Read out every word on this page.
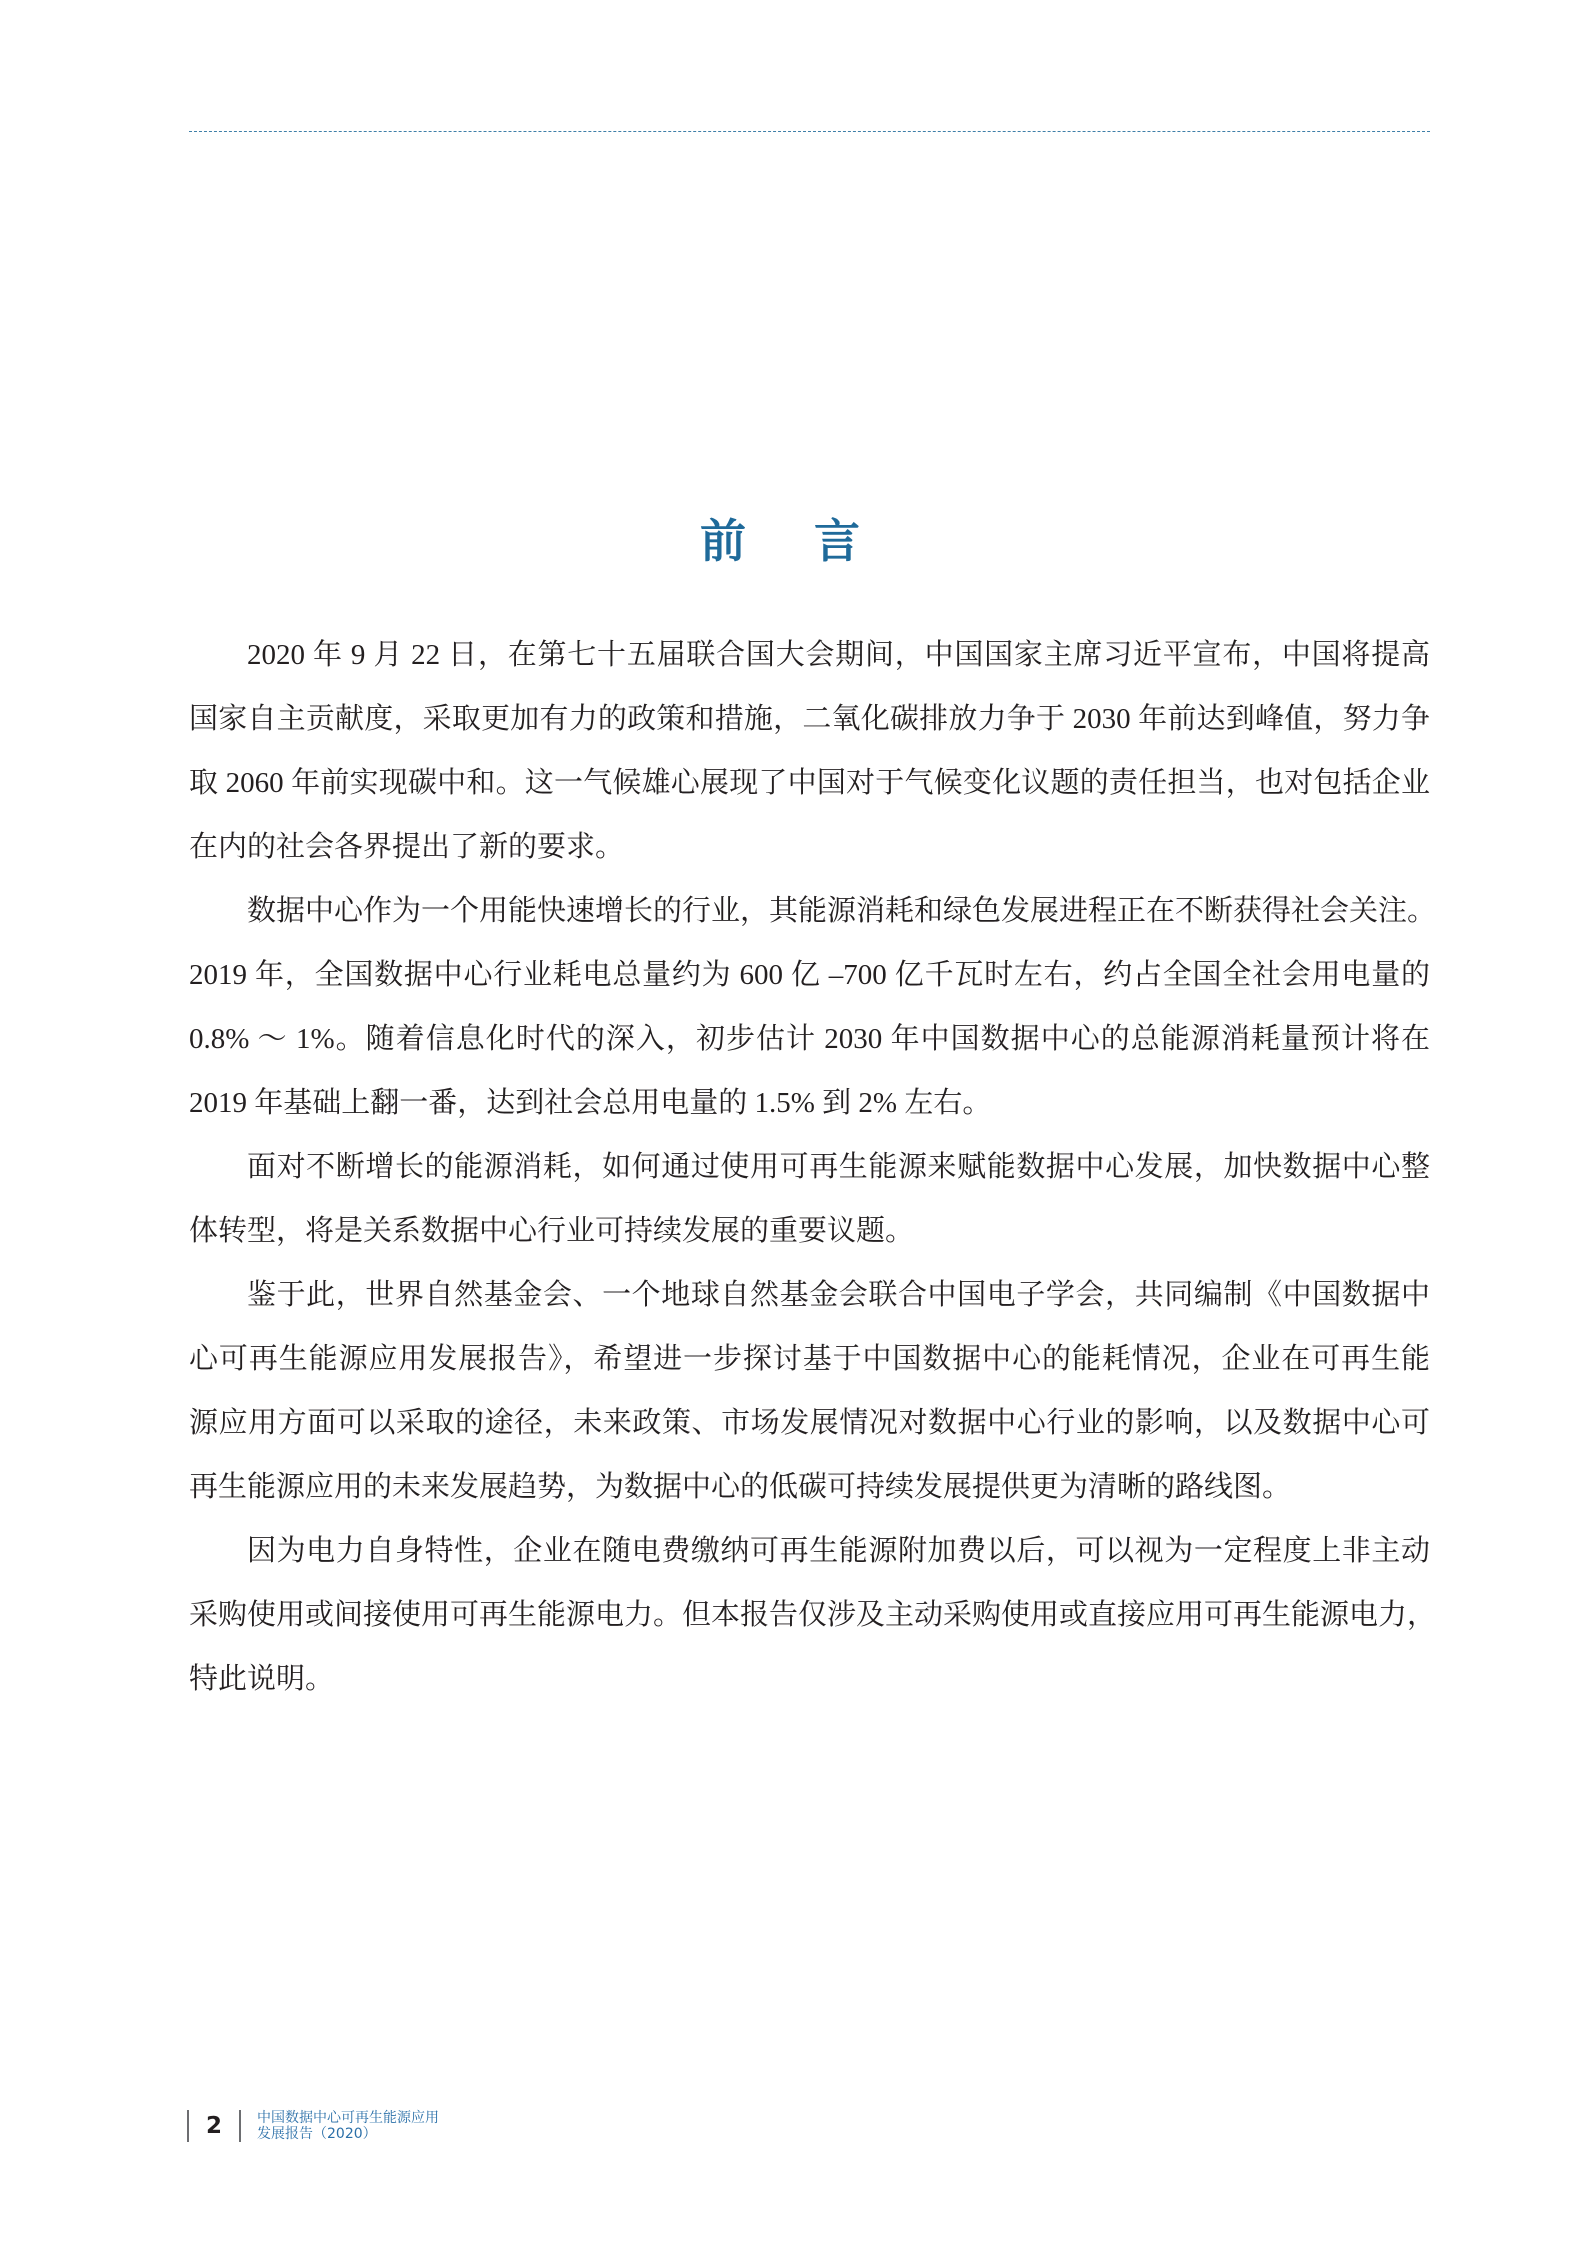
前 言
2020 年 9 月 22 日，在第七十五届联合国大会期间，中国国家主席习近平宣布，中国将提高
国家自主贡献度，采取更加有力的政策和措施，二氧化碳排放力争于 2030 年前达到峰值，努力争
取 2060 年前实现碳中和。这一气候雄心展现了中国对于气候变化议题的责任担当，也对包括企业
在内的社会各界提出了新的要求。
数据中心作为一个用能快速增长的行业，其能源消耗和绿色发展进程正在不断获得社会关注。
2019 年，全国数据中心行业耗电总量约为 600 亿 –700 亿千瓦时左右，约占全国全社会用电量的
0.8% ～ 1%。随着信息化时代的深入，初步估计 2030 年中国数据中心的总能源消耗量预计将在
2019 年基础上翻一番，达到社会总用电量的 1.5% 到 2% 左右。
面对不断增长的能源消耗，如何通过使用可再生能源来赋能数据中心发展，加快数据中心整
体转型，将是关系数据中心行业可持续发展的重要议题。
鉴于此，世界自然基金会、一个地球自然基金会联合中国电子学会，共同编制《中国数据中
心可再生能源应用发展报告》，希望进一步探讨基于中国数据中心的能耗情况，企业在可再生能
源应用方面可以采取的途径，未来政策、市场发展情况对数据中心行业的影响，以及数据中心可
再生能源应用的未来发展趋势，为数据中心的低碳可持续发展提供更为清晰的路线图。
因为电力自身特性，企业在随电费缴纳可再生能源附加费以后，可以视为一定程度上非主动
采购使用或间接使用可再生能源电力。但本报告仅涉及主动采购使用或直接应用可再生能源电力，
特此说明。
2	中国数据中心可再生能源应用
发展报告（2020）
